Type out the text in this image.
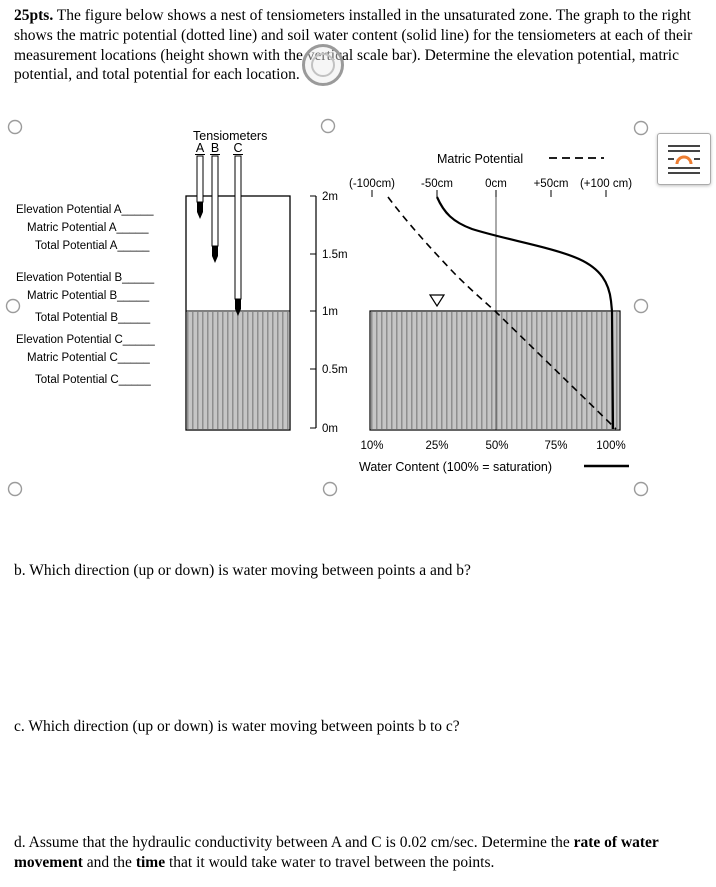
25pts. The figure below shows a nest of tensiometers installed in the unsaturated zone. The graph to the right shows the matric potential (dotted line) and soil water content (solid line) for the tensiometers at each of their measurement locations (height shown with the vertical scale bar). Determine the elevation potential, matric potential, and total potential for each location.

Tensiometers
A B C
Elevation Potential A_____
Matric Potential A_____
Total Potential A_____
Elevation Potential B_____
Matric Potential B_____
Total Potential B_____
Elevation Potential C_____
Matric Potential C_____
Total Potential C_____
2m
1.5m
1m
0.5m
0m
Matric Potential
(-100cm) -50cm	0cm +50cm (+100 cm)
10%	25%	50%	75%	100%
Water Content (100% = saturation)

b. Which direction (up or down) is water moving between points a and b?

c. Which direction (up or down) is water moving between points b to c?

d. Assume that the hydraulic conductivity between A and C is 0.02 cm/sec. Determine the rate of water movement and the time that it would take water to travel between the points.
